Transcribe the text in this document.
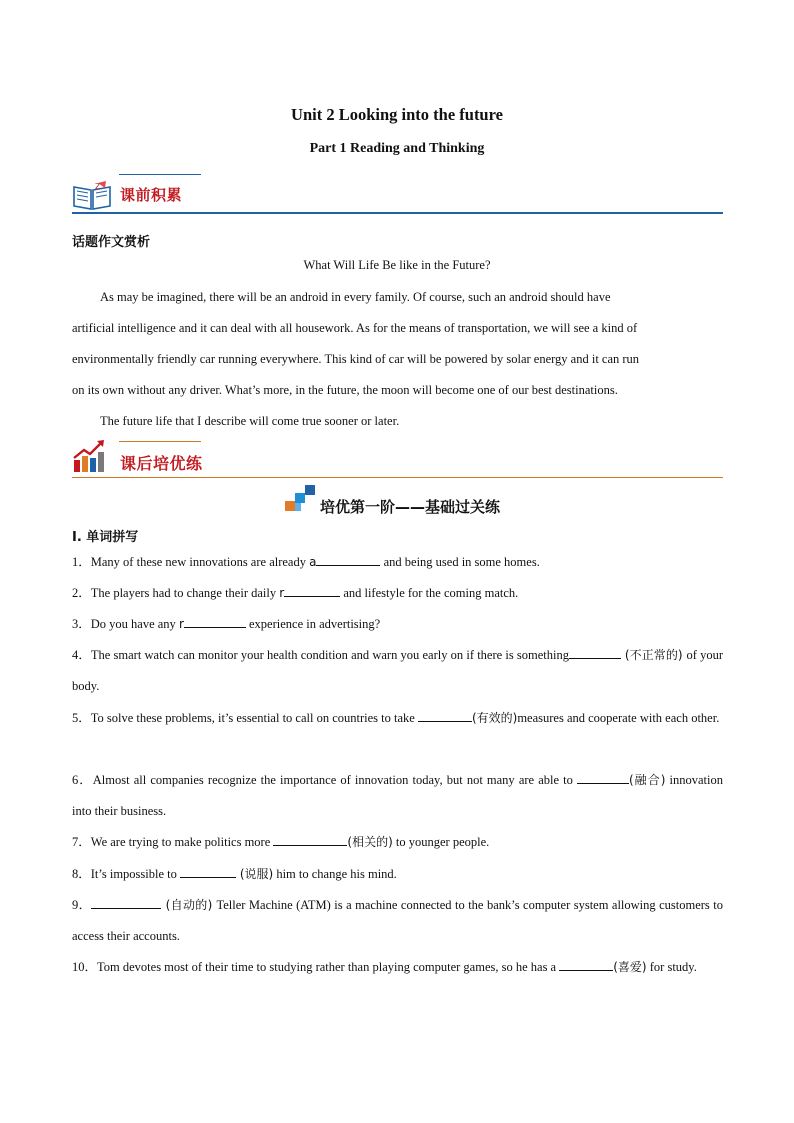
Unit 2 Looking into the future
Part 1 Reading and Thinking
Z 课前积累
话题作文赏析
What Will Life Be like in the Future?
As may be imagined, there will be an android in every family. Of course, such an android should have
artificial intelligence and it can deal with all housework. As for the means of transportation, we will see a kind of
environmentally friendly car running everywhere. This kind of car will be powered by solar energy and it can run
on its own without any driver. What’s more, in the future, the moon will become one of our best destinations.
The future life that I describe will come true sooner or later.
课后培优练
培优第一阶——基础过关练
I. 单词拼写
1．Many of these new innovations are already a	and being used in some homes.
2．The players had to change their daily r	and lifestyle for the coming match.
3．Do you have any r	experience in advertising?
4．The smart watch can monitor your health condition and warn you early on if there is something	(不正常的) of your body.
5．To solve these problems, it’s essential to call on countries to take	(有效的)measures and cooperate with each other.
6．Almost all companies recognize the importance of innovation today, but not many are able to	(融合) innovation into their business.
7．We are trying to make politics more	(相关的) to younger people.
8．It’s impossible to	(说服) him to change his mind.
9．	(自动的) Teller Machine (ATM) is a machine connected to the bank’s computer system allowing customers to access their accounts.
10．Tom devotes most of their time to studying rather than playing computer games, so he has a	(喜爱) for study.
